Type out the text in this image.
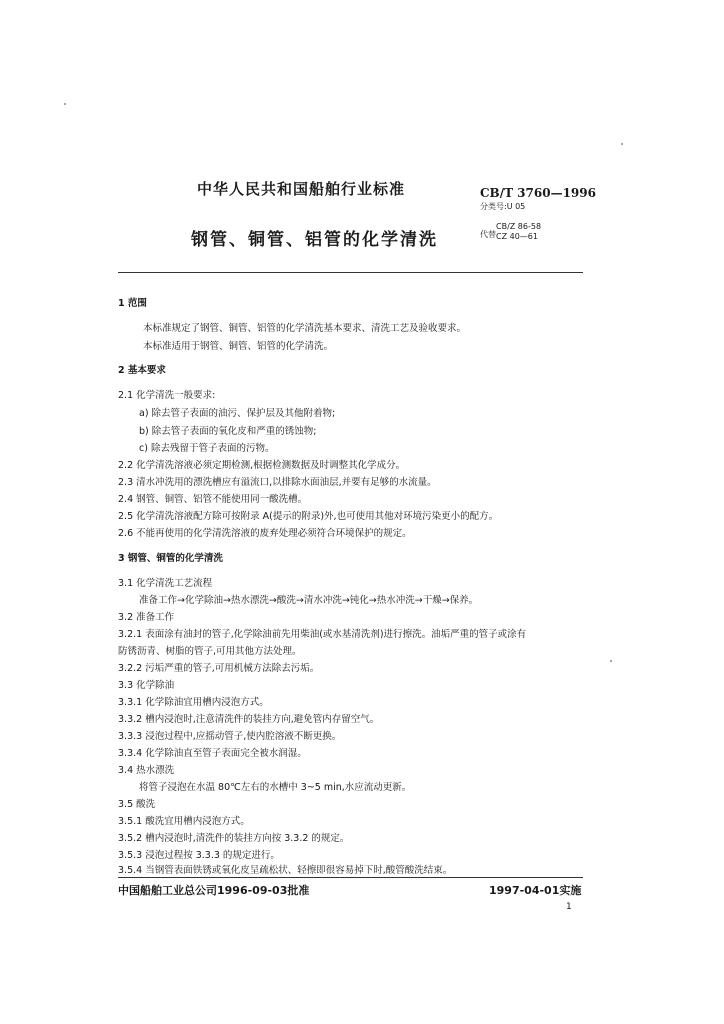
中华人民共和国船舶行业标准
钢管、铜管、铝管的化学清洗
CB/T 3760—1996
分类号:U 05
代替
CB/Z 86-58
CZ 40—61
1 范围
本标准规定了钢管、铜管、铝管的化学清洗基本要求、清洗工艺及验收要求。
本标准适用于钢管、铜管、铝管的化学清洗。
2 基本要求
2.1 化学清洗一般要求:
a) 除去管子表面的油污、保护层及其他附着物;
b) 除去管子表面的氧化皮和严重的锈蚀物;
c) 除去残留于管子表面的污物。
2.2 化学清洗溶液必须定期检测,根据检测数据及时调整其化学成分。
2.3 清水冲洗用的漂洗槽应有溢流口,以排除水面油层,并要有足够的水流量。
2.4 钢管、铜管、铝管不能使用同一酸洗槽。
2.5 化学清洗溶液配方除可按附录 A(提示的附录)外,也可使用其他对环境污染更小的配方。
2.6 不能再使用的化学清洗溶液的废弃处理必须符合环境保护的规定。
3 钢管、铜管的化学清洗
3.1 化学清洗工艺流程
准备工作→化学除油→热水漂洗→酸洗→清水冲洗→钝化→热水冲洗→干燥→保养。
3.2 准备工作
3.2.1 表面涂有油封的管子,化学除油前先用柴油(或水基清洗剂)进行擦洗。油垢严重的管子或涂有
防锈沥青、树脂的管子,可用其他方法处理。
3.2.2 污垢严重的管子,可用机械方法除去污垢。
3.3 化学除油
3.3.1 化学除油宜用槽内浸泡方式。
3.3.2 槽内浸泡时,注意清洗件的装挂方向,避免管内存留空气。
3.3.3 浸泡过程中,应摇动管子,使内腔溶液不断更换。
3.3.4 化学除油直至管子表面完全被水润湿。
3.4 热水漂洗
将管子浸泡在水温 80℃左右的水槽中 3~5 min,水应流动更新。
3.5 酸洗
3.5.1 酸洗宜用槽内浸泡方式。
3.5.2 槽内浸泡时,清洗件的装挂方向按 3.3.2 的规定。
3.5.3 浸泡过程按 3.3.3 的规定进行。
3.5.4 当钢管表面铁锈或氧化皮呈疏松状、轻擦即很容易掉下时,酸管酸洗结束。
中国船舶工业总公司1996-09-03批准	1997-04-01实施
1
